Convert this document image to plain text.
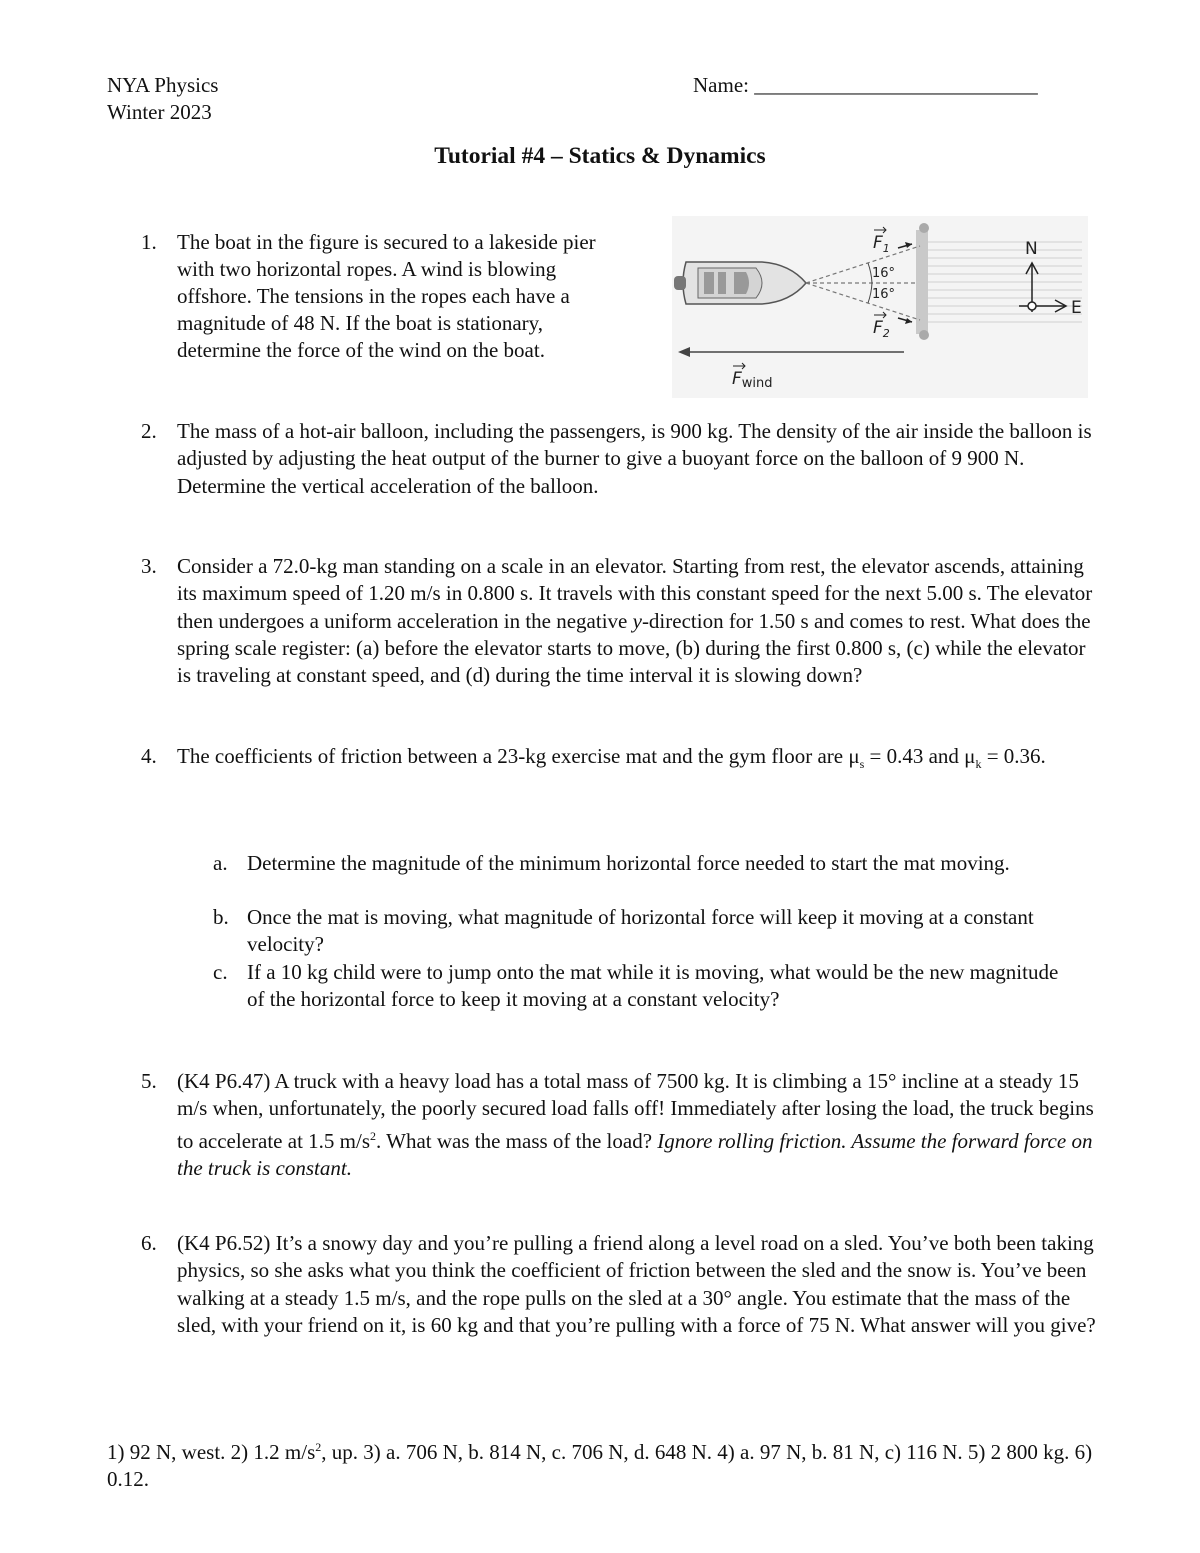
NYA Physics
Winter 2023
Name: ___________________________
Tutorial #4 – Statics & Dynamics
1. The boat in the figure is secured to a lakeside pier
with two horizontal ropes. A wind is blowing
offshore. The tensions in the ropes each have a
magnitude of 48 N. If the boat is stationary,
determine the force of the wind on the boat.
16°
16°
$F_1$
$F_2$
N
E
Fwind
2. The mass of a hot-air balloon, including the passengers, is 900 kg. The density of the air inside the balloon is adjusted by adjusting the heat output of the burner to give a buoyant force on the balloon of 9 900 N. Determine the vertical acceleration of the balloon.
3. Consider a 72.0-kg man standing on a scale in an elevator. Starting from rest, the elevator ascends, attaining its maximum speed of 1.20 m/s in 0.800 s. It travels with this constant speed for the next 5.00 s. The elevator then undergoes a uniform acceleration in the negative y-direction for 1.50 s and comes to rest. What does the spring scale register: (a) before the elevator starts to move, (b) during the first 0.800 s, (c) while the elevator is traveling at constant speed, and (d) during the time interval it is slowing down?
4. The coefficients of friction between a 23-kg exercise mat and the gym floor are $\mu_s = 0.43$ and $\mu_k = 0.36$.
a. Determine the magnitude of the minimum horizontal force needed to start the mat moving.
b. Once the mat is moving, what magnitude of horizontal force will keep it moving at a constant velocity?
c. If a 10 kg child were to jump onto the mat while it is moving, what would be the new magnitude of the horizontal force to keep it moving at a constant velocity?
5. (K4 P6.47) A truck with a heavy load has a total mass of 7500 kg. It is climbing a 15° incline at a steady 15 m/s when, unfortunately, the poorly secured load falls off! Immediately after losing the load, the truck begins to accelerate at 1.5 $m/s^2$. What was the mass of the load? Ignore rolling friction. Assume the forward force on the truck is constant.
6. (K4 P6.52) It’s a snowy day and you’re pulling a friend along a level road on a sled. You’ve both been taking physics, so she asks what you think the coefficient of friction between the sled and the snow is. You’ve been walking at a steady 1.5 m/s, and the rope pulls on the sled at a 30° angle. You estimate that the mass of the sled, with your friend on it, is 60 kg and that you’re pulling with a force of 75 N. What answer will you give?
1) 92 N, west. 2) 1.2 $m/s^2$, up. 3) a. 706 N, b. 814 N, c. 706 N, d. 648 N. 4) a. 97 N, b. 81 N, c) 116 N. 5) 2 800 kg. 6) 0.12.
